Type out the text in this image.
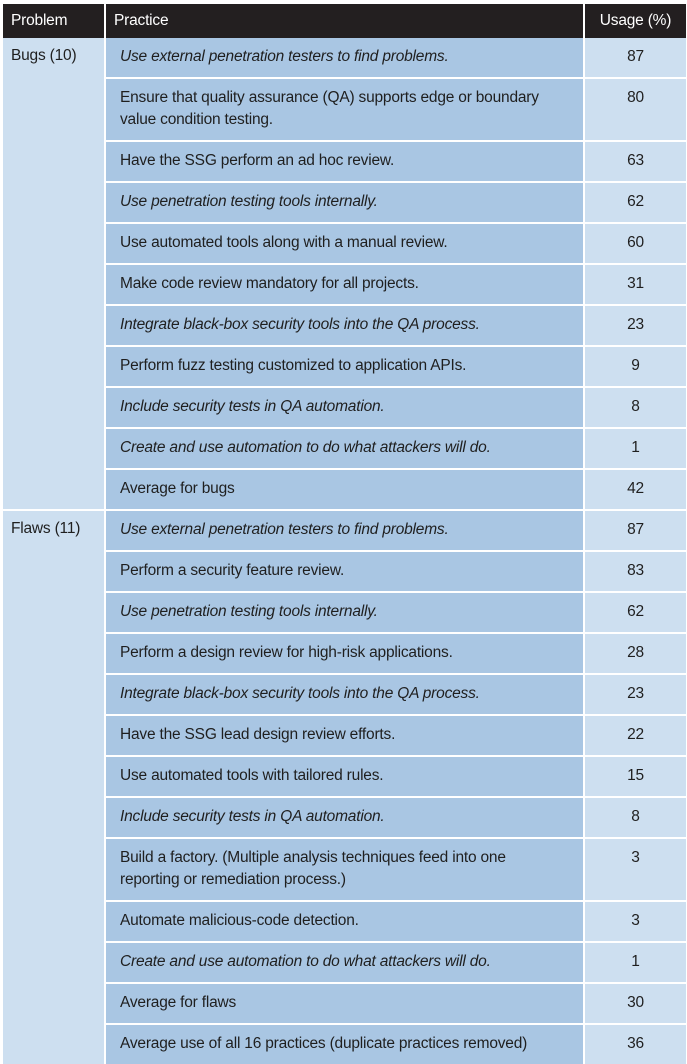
Problem	Practice	Usage (%)
Bugs (10)	Use external penetration testers to find problems.	87
	Ensure that quality assurance (QA) supports edge or boundary value condition testing.	80
	Have the SSG perform an ad hoc review.	63
	Use penetration testing tools internally.	62
	Use automated tools along with a manual review.	60
	Make code review mandatory for all projects.	31
	Integrate black-box security tools into the QA process.	23
	Perform fuzz testing customized to application APIs.	9
	Include security tests in QA automation.	8
	Create and use automation to do what attackers will do.	1
	Average for bugs	42
Flaws (11)	Use external penetration testers to find problems.	87
	Perform a security feature review.	83
	Use penetration testing tools internally.	62
	Perform a design review for high-risk applications.	28
	Integrate black-box security tools into the QA process.	23
	Have the SSG lead design review efforts.	22
	Use automated tools with tailored rules.	15
	Include security tests in QA automation.	8
	Build a factory. (Multiple analysis techniques feed into one reporting or remediation process.)	3
	Automate malicious-code detection.	3
	Create and use automation to do what attackers will do.	1
	Average for flaws	30
	Average use of all 16 practices (duplicate practices removed)	36
